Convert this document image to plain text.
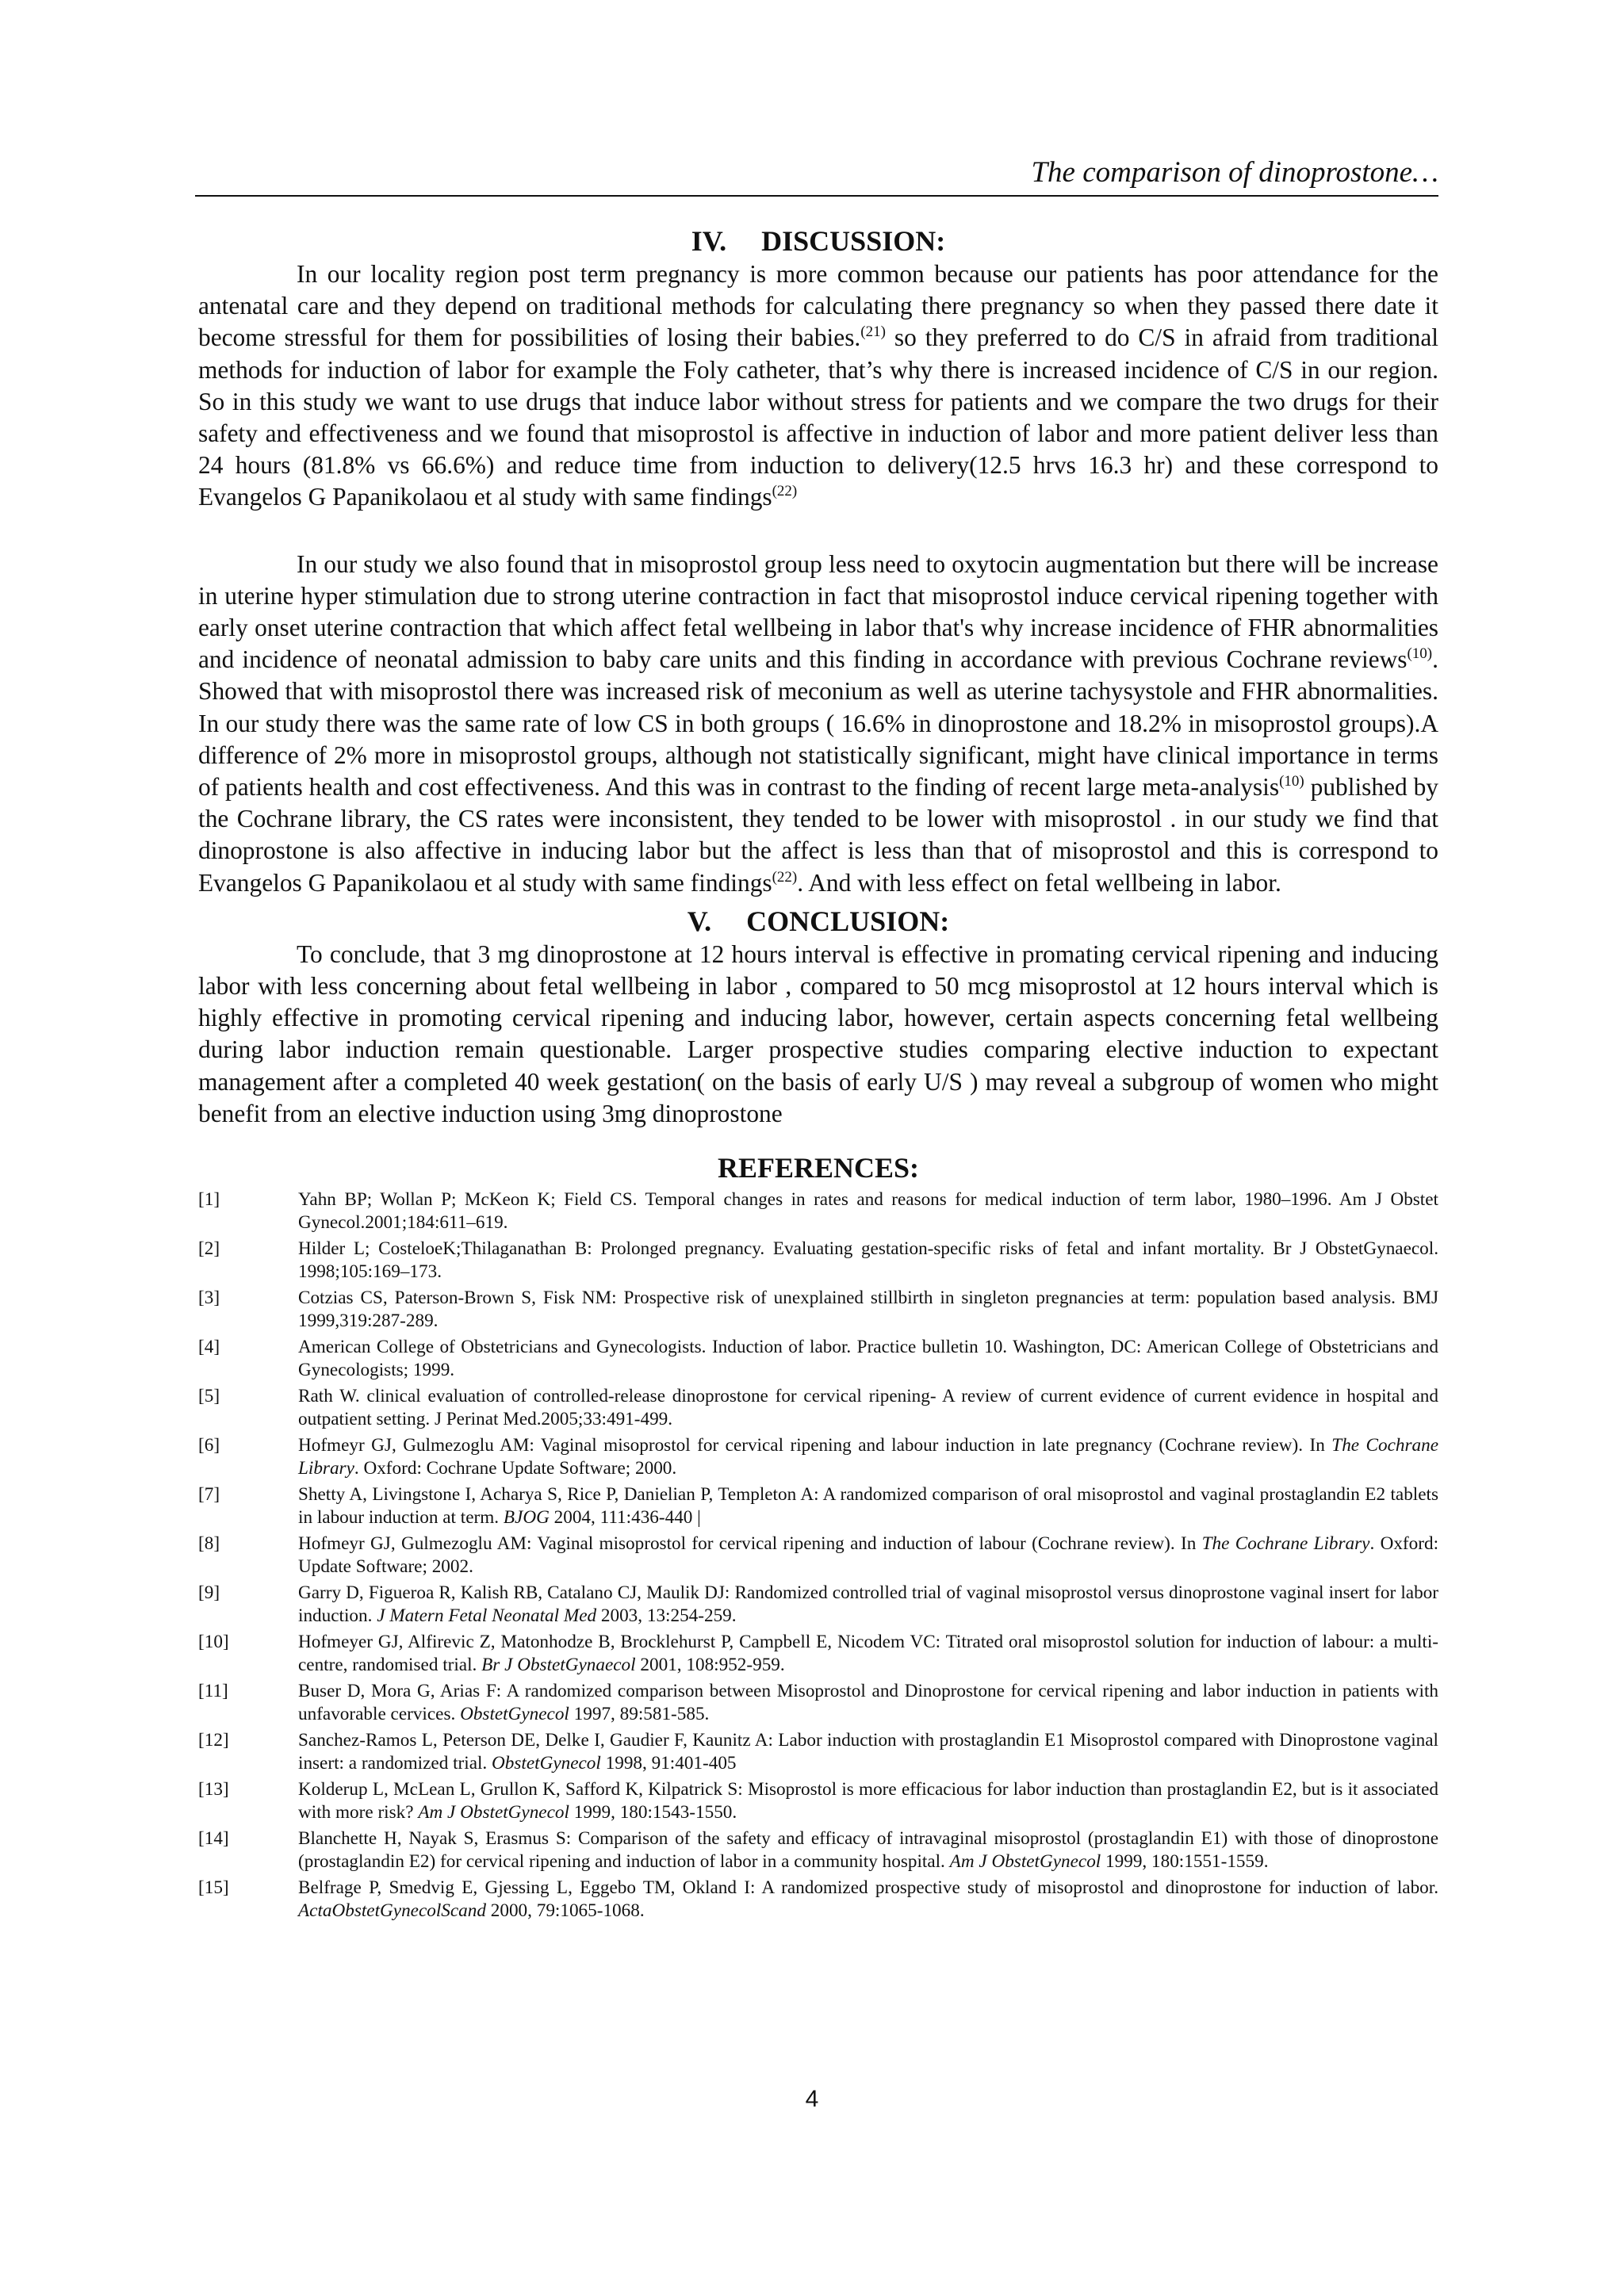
The comparison of dinoprostone…
IV. DISCUSSION:

In our locality region post term pregnancy is more common because our patients has poor attendance for the antenatal care and they depend on traditional methods for calculating there pregnancy so when they passed there date it become stressful for them for possibilities of losing their babies.$^{(21)}$ so they preferred to do C/S in afraid from traditional methods for induction of labor for example the Foly catheter, that’s why there is increased incidence of C/S in our region. So in this study we want to use drugs that induce labor without stress for patients and we compare the two drugs for their safety and effectiveness and we found that misoprostol is affective in induction of labor and more patient deliver less than 24 hours (81.8% vs 66.6%) and reduce time from induction to delivery(12.5 hrvs 16.3 hr) and these correspond to Evangelos G Papanikolaou et al study with same findings$^{(22)}$

In our study we also found that in misoprostol group less need to oxytocin augmentation but there will be increase in uterine hyper stimulation due to strong uterine contraction in fact that misoprostol induce cervical ripening together with early onset uterine contraction that which affect fetal wellbeing in labor that's why increase incidence of FHR abnormalities and incidence of neonatal admission to baby care units and this finding in accordance with previous Cochrane reviews$^{(10)}$. Showed that with misoprostol there was increased risk of meconium as well as uterine tachysystole and FHR abnormalities. In our study there was the same rate of low CS in both groups ( 16.6% in dinoprostone and 18.2% in misoprostol groups).A difference of 2% more in misoprostol groups, although not statistically significant, might have clinical importance in terms of patients health and cost effectiveness. And this was in contrast to the finding of recent large meta-analysis$^{(10)}$ published by the Cochrane library, the CS rates were inconsistent, they tended to be lower with misoprostol . in our study we find that dinoprostone is also affective in inducing labor but the affect is less than that of misoprostol and this is correspond to Evangelos G Papanikolaou et al study with same findings$^{(22)}$. And with less effect on fetal wellbeing in labor.

V. CONCLUSION:

To conclude, that 3 mg dinoprostone at 12 hours interval is effective in promating cervical ripening and inducing labor with less concerning about fetal wellbeing in labor , compared to 50 mcg misoprostol at 12 hours interval which is highly effective in promoting cervical ripening and inducing labor, however, certain aspects concerning fetal wellbeing during labor induction remain questionable. Larger prospective studies comparing elective induction to expectant management after a completed 40 week gestation( on the basis of early U/S ) may reveal a subgroup of women who might benefit from an elective induction using 3mg dinoprostone

REFERENCES:
[1]	Yahn BP; Wollan P; McKeon K; Field CS. Temporal changes in rates and reasons for medical induction of term labor, 1980–1996. Am J Obstet Gynecol.2001;184:611–619.
[2]	Hilder L; CosteloeK;Thilaganathan B: Prolonged pregnancy. Evaluating gestation-specific risks of fetal and infant mortality. Br J ObstetGynaecol. 1998;105:169–173.
[3]	Cotzias CS, Paterson-Brown S, Fisk NM: Prospective risk of unexplained stillbirth in singleton pregnancies at term: population based analysis. BMJ 1999,319:287-289.
[4]	American College of Obstetricians and Gynecologists. Induction of labor. Practice bulletin 10. Washington, DC: American College of Obstetricians and Gynecologists; 1999.
[5]	Rath W. clinical evaluation of controlled-release dinoprostone for cervical ripening- A review of current evidence of current evidence in hospital and outpatient setting. J Perinat Med.2005;33:491-499.
[6]	Hofmeyr GJ, Gulmezoglu AM: Vaginal misoprostol for cervical ripening and labour induction in late pregnancy (Cochrane review). In The Cochrane Library. Oxford: Cochrane Update Software; 2000.
[7]	Shetty A, Livingstone I, Acharya S, Rice P, Danielian P, Templeton A: A randomized comparison of oral misoprostol and vaginal prostaglandin E2 tablets in labour induction at term. BJOG 2004, 111:436-440 |
[8]	Hofmeyr GJ, Gulmezoglu AM: Vaginal misoprostol for cervical ripening and induction of labour (Cochrane review). In The Cochrane Library. Oxford: Update Software; 2002.
[9]	Garry D, Figueroa R, Kalish RB, Catalano CJ, Maulik DJ: Randomized controlled trial of vaginal misoprostol versus dinoprostone vaginal insert for labor induction. J Matern Fetal Neonatal Med 2003, 13:254-259.
[10]	Hofmeyer GJ, Alfirevic Z, Matonhodze B, Brocklehurst P, Campbell E, Nicodem VC: Titrated oral misoprostol solution for induction of labour: a multi-centre, randomised trial. Br J ObstetGynaecol 2001, 108:952-959.
[11]	Buser D, Mora G, Arias F: A randomized comparison between Misoprostol and Dinoprostone for cervical ripening and labor induction in patients with unfavorable cervices. ObstetGynecol 1997, 89:581-585.
[12]	Sanchez-Ramos L, Peterson DE, Delke I, Gaudier F, Kaunitz A: Labor induction with prostaglandin E1 Misoprostol compared with Dinoprostone vaginal insert: a randomized trial. ObstetGynecol 1998, 91:401-405
[13]	Kolderup L, McLean L, Grullon K, Safford K, Kilpatrick S: Misoprostol is more efficacious for labor induction than prostaglandin E2, but is it associated with more risk? Am J ObstetGynecol 1999, 180:1543-1550.
[14]	Blanchette H, Nayak S, Erasmus S: Comparison of the safety and efficacy of intravaginal misoprostol (prostaglandin E1) with those of dinoprostone (prostaglandin E2) for cervical ripening and induction of labor in a community hospital. Am J ObstetGynecol 1999, 180:1551-1559.
[15]	Belfrage P, Smedvig E, Gjessing L, Eggebo TM, Okland I: A randomized prospective study of misoprostol and dinoprostone for induction of labor. ActaObstetGynecolScand 2000, 79:1065-1068.
4
